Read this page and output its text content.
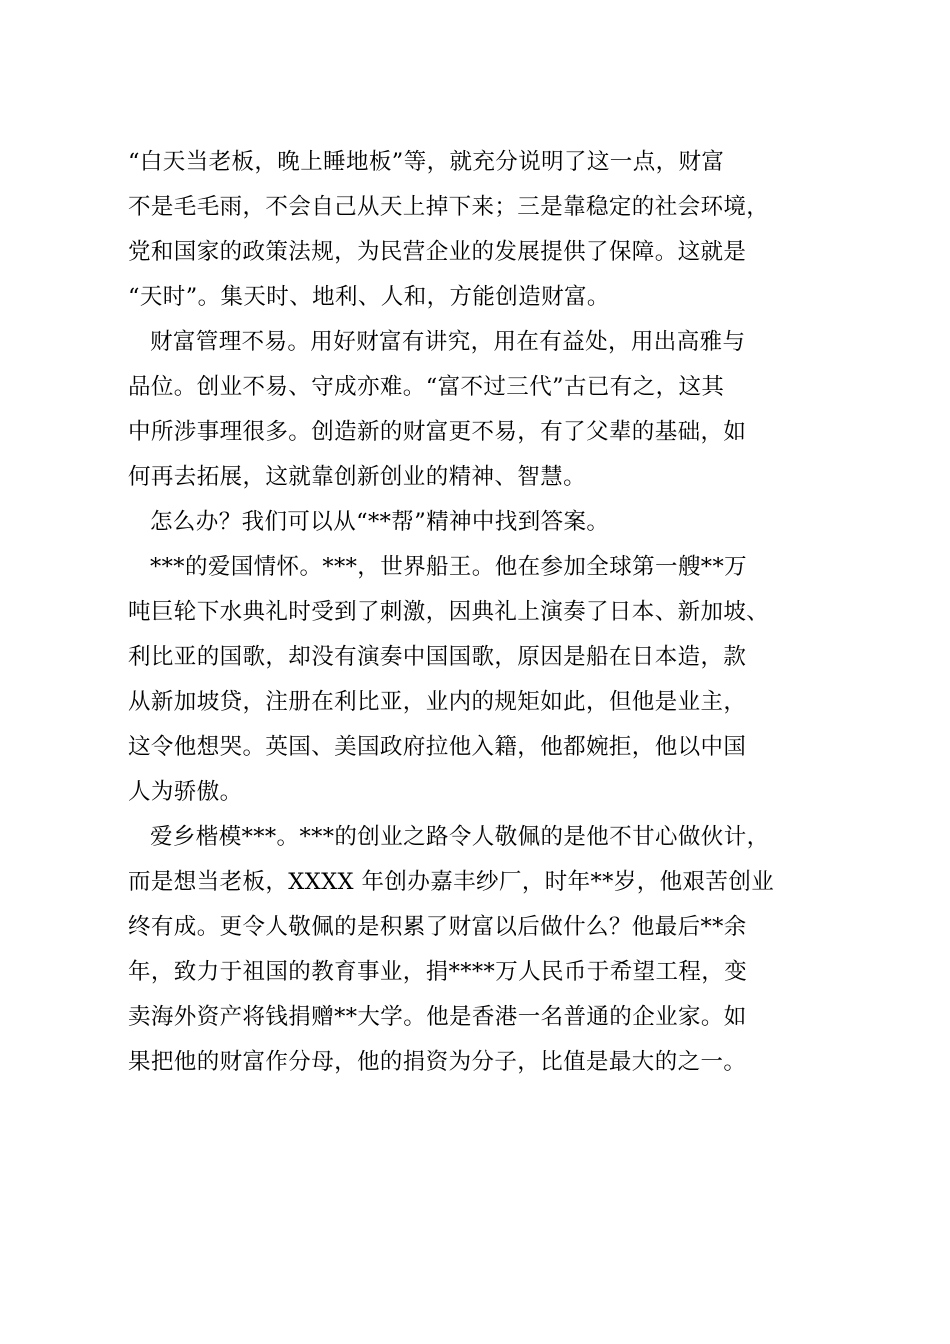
“白天当老板，晚上睡地板”等，就充分说明了这一点，财富
不是毛毛雨，不会自己从天上掉下来；三是靠稳定的社会环境，
党和国家的政策法规，为民营企业的发展提供了保障。这就是
“天时”。集天时、地利、人和，方能创造财富。

财富管理不易。用好财富有讲究，用在有益处，用出高雅与
品位。创业不易、守成亦难。“富不过三代”古已有之，这其
中所涉事理很多。创造新的财富更不易，有了父辈的基础，如
何再去拓展，这就靠创新创业的精神、智慧。

怎么办？我们可以从“**帮”精神中找到答案。

***的爱国情怀。***，世界船王。他在参加全球第一艘**万
吨巨轮下水典礼时受到了刺激，因典礼上演奏了日本、新加坡、
利比亚的国歌，却没有演奏中国国歌，原因是船在日本造，款
从新加坡贷，注册在利比亚，业内的规矩如此，但他是业主，
这令他想哭。英国、美国政府拉他入籍，他都婉拒，他以中国
人为骄傲。

爱乡楷模***。***的创业之路令人敬佩的是他不甘心做伙计，
而是想当老板，XXXX 年创办嘉丰纱厂，时年**岁，他艰苦创业
终有成。更令人敬佩的是积累了财富以后做什么？他最后**余
年，致力于祖国的教育事业，捐****万人民币于希望工程，变
卖海外资产将钱捐赠**大学。他是香港一名普通的企业家。如
果把他的财富作分母，他的捐资为分子，比值是最大的之一。
